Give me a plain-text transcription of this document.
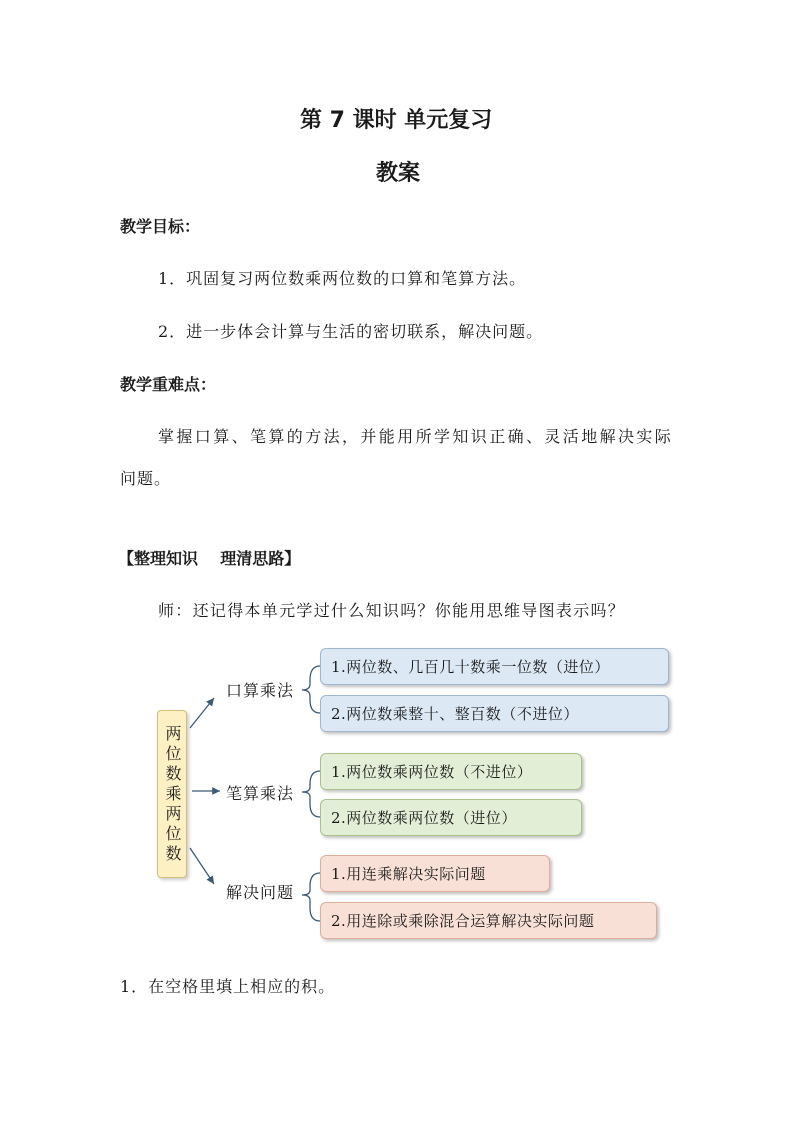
第 7 课时 单元复习
教案
教学目标：
1．巩固复习两位数乘两位数的口算和笔算方法。
2．进一步体会计算与生活的密切联系，解决问题。
教学重难点：
掌握口算、笔算的方法，并能用所学知识正确、灵活地解决实际
问题。
【整理知识    理清思路】
师：还记得本单元学过什么知识吗？你能用思维导图表示吗？
两位数乘两位数
口算乘法
笔算乘法
解决问题
1.两位数、几百几十数乘一位数（进位）
2.两位数乘整十、整百数（不进位）
1.两位数乘两位数（不进位）
2.两位数乘两位数（进位）
1.用连乘解决实际问题
2.用连除或乘除混合运算解决实际问题
1．在空格里填上相应的积。
